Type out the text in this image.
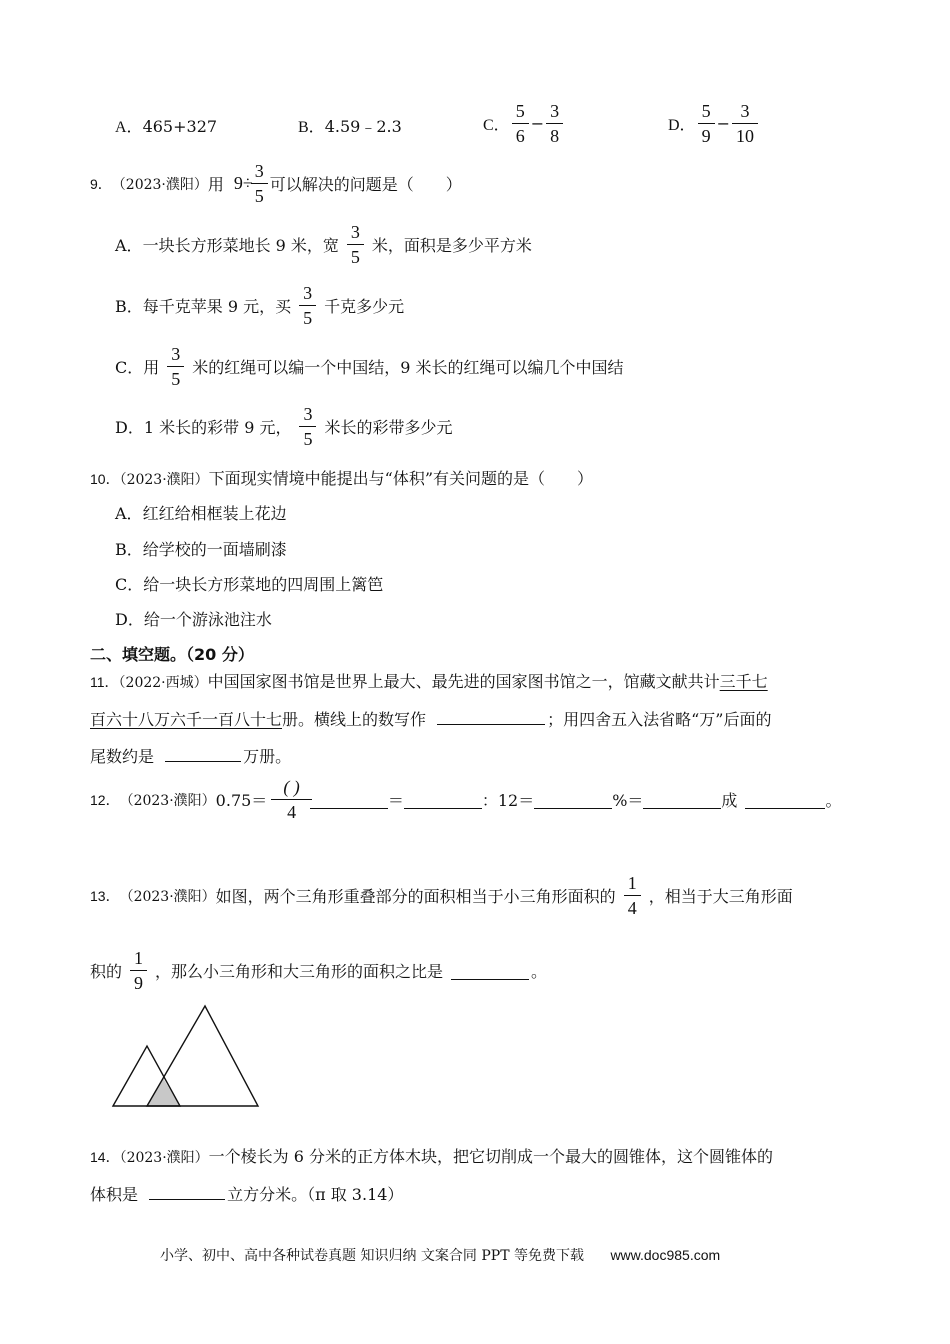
A．465+327	B．4.59﹣2.3	C． $\frac{5}{6} - \frac{3}{8}$	D． $\frac{5}{9} - \frac{3}{10}$
9． （2023·濮阳） 用 $9\div \frac{3}{5}$ 可以解决的问题是（　　）
A． 一块长方形菜地长 9 米，宽 $\frac{3}{5}$ 米，面积是多少平方米
B． 每千克苹果 9 元，买 $\frac{3}{5}$ 千克多少元
C． 用 $\frac{3}{5}$ 米的红绳可以编一个中国结，9 米长的红绳可以编几个中国结
D． 1 米长的彩带 9 元， $\frac{3}{5}$ 米长的彩带多少元
10．（2023·濮阳）下面现实情境中能提出与“体积”有关问题的是（　　）
A．红红给相框装上花边
B．给学校的一面墙刷漆
C．给一块长方形菜地的四周围上篱笆
D．给一个游泳池注水
二、填空题。（20 分）
11．（2022·西城）中国国家图书馆是世界上最大、最先进的国家图书馆之一，馆藏文献共计三千七
百六十八万六千一百八十七册。横线上的数写作	；用四舍五入法省略“万”后面的
尾数约是	万册。
12． （2023·濮阳） $0.75= \frac{( )}{4}$	＝	：12＝	%＝	成	。
13． （2023·濮阳） 如图，两个三角形重叠部分的面积相当于小三角形面积的 $\frac{1}{4}$ ，相当于大三角形面
积的 $\frac{1}{9}$ ，那么小三角形和大三角形的面积之比是	。
14．（2023·濮阳）一个棱长为 6 分米的正方体木块，把它切削成一个最大的圆锥体，这个圆锥体的
体积是	立方分米。（π 取 3.14）
小学、初中、高中各种试卷真题 知识归纳 文案合同 PPT 等免费下载 www.doc985.com
